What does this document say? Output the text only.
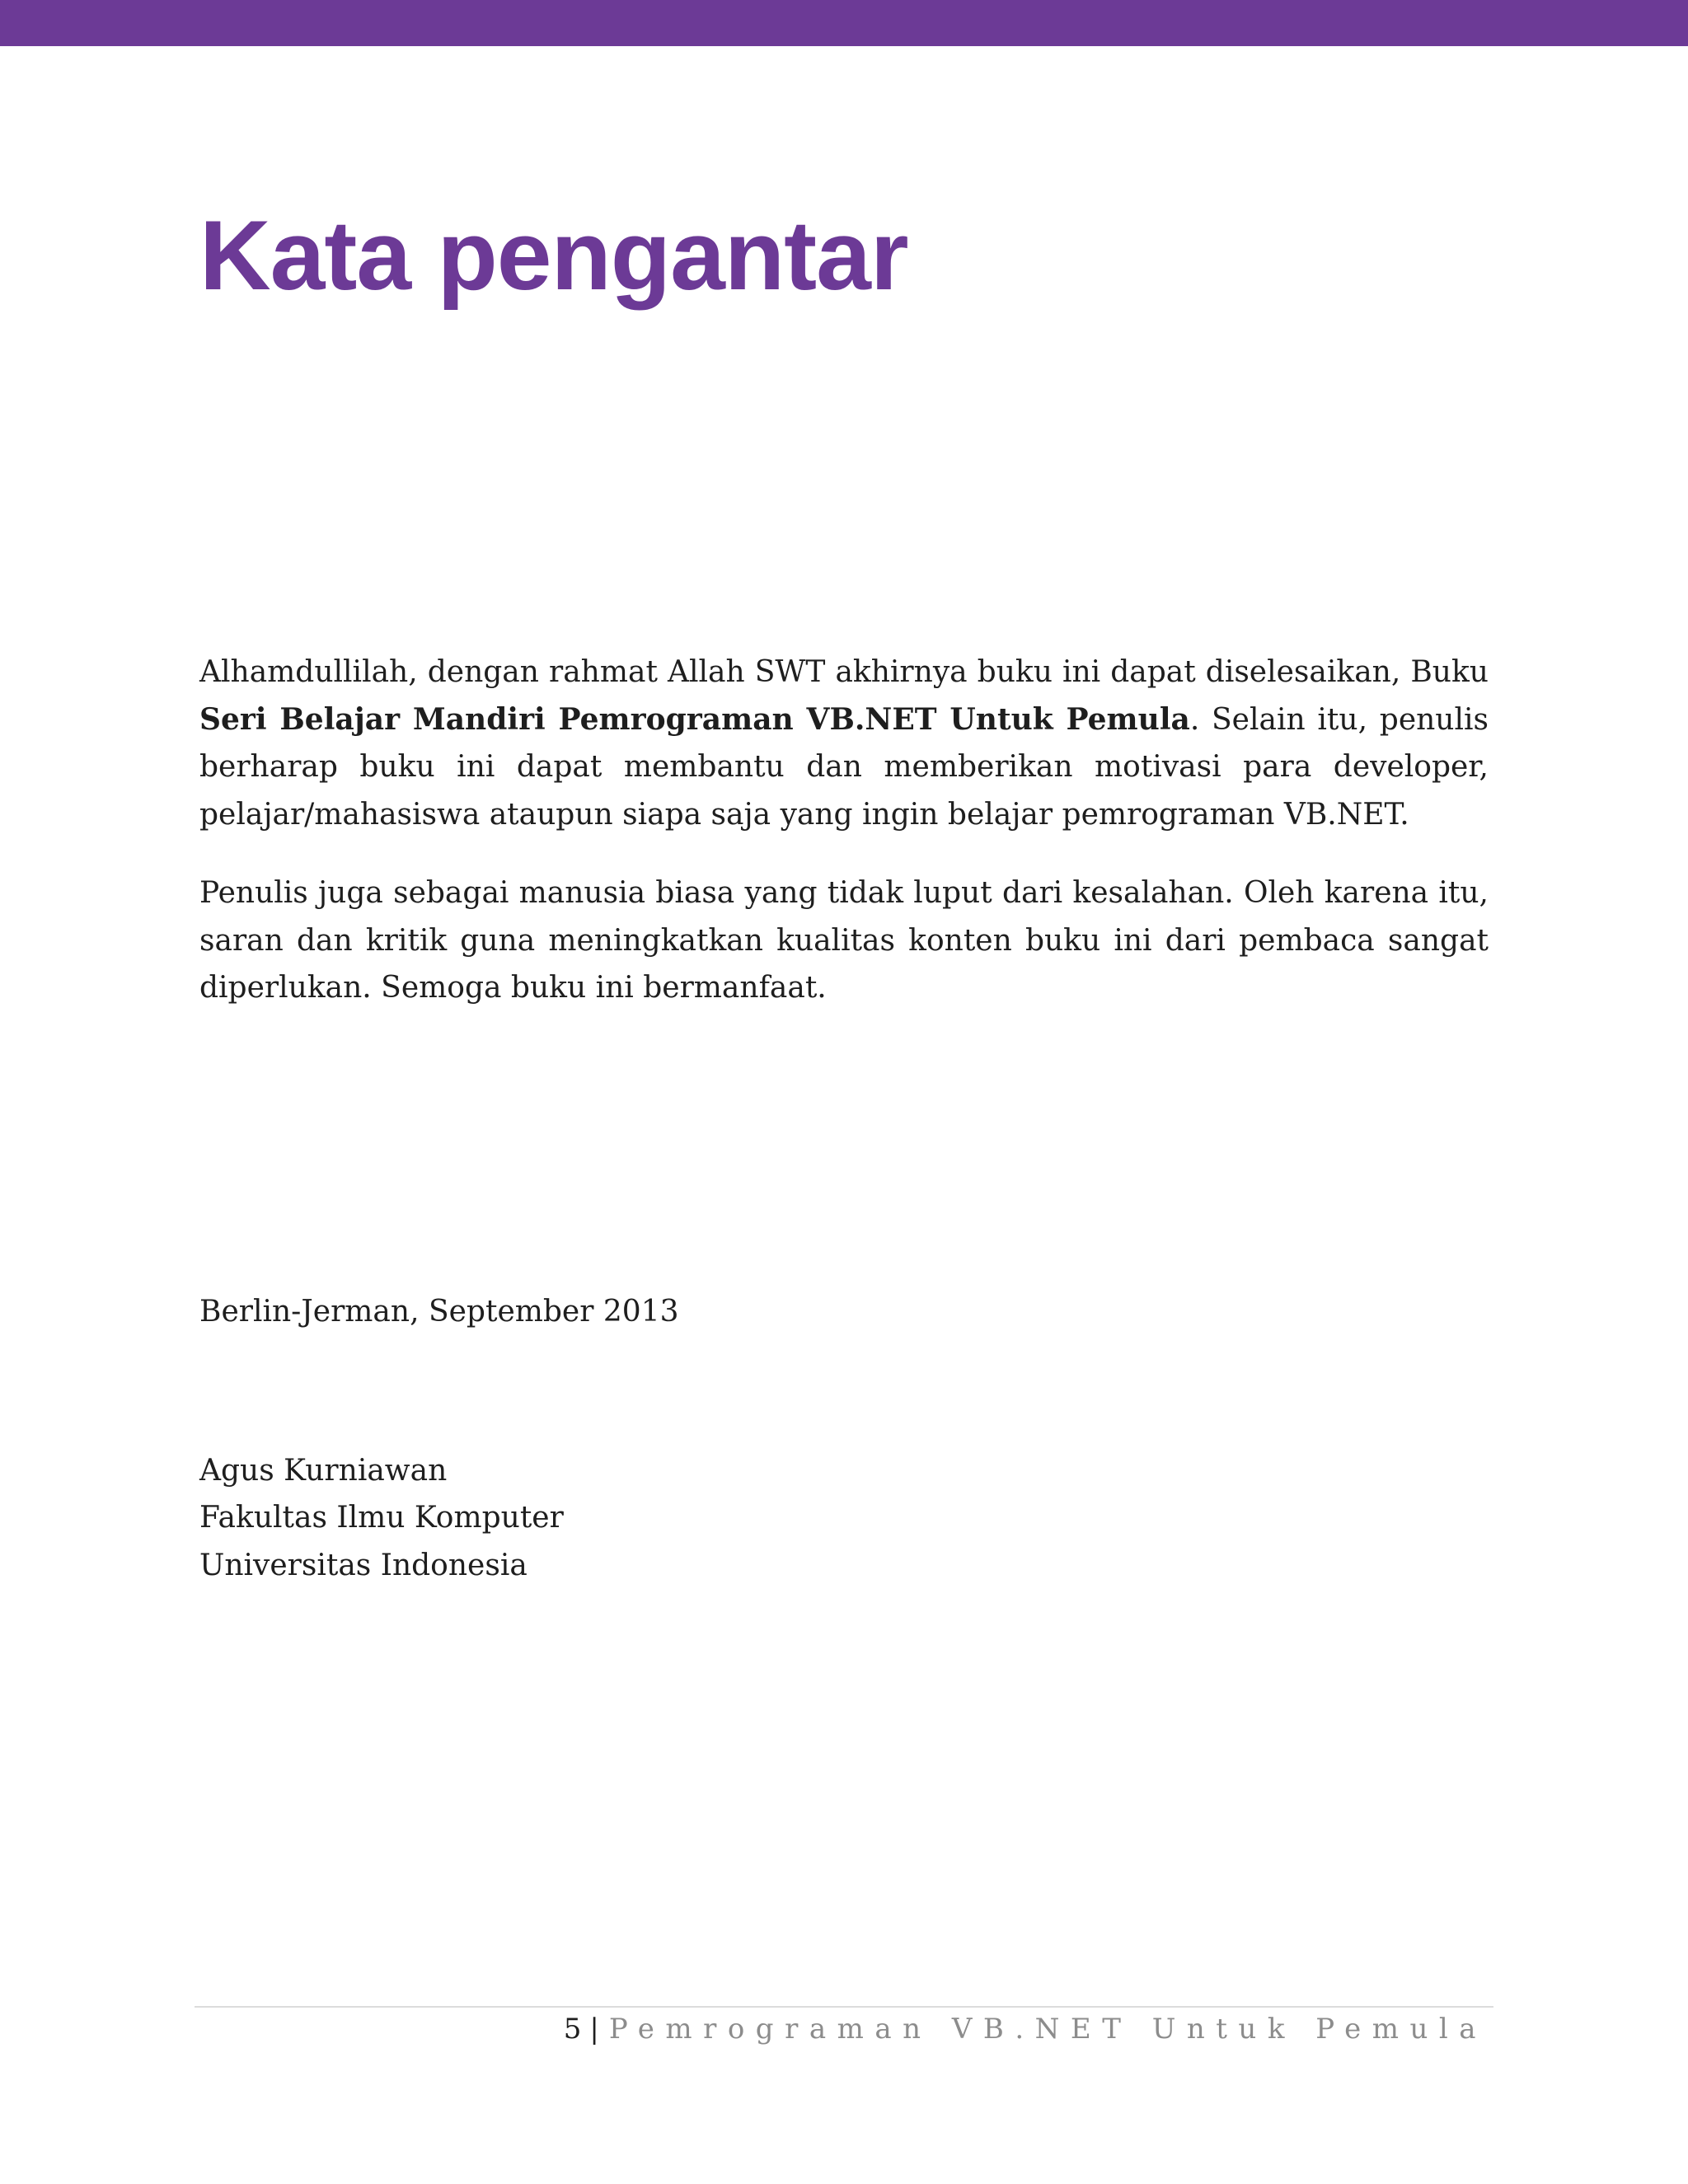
Kata pengantar

Alhamdullilah, dengan rahmat Allah SWT akhirnya buku ini dapat diselesaikan, Buku Seri Belajar Mandiri Pemrograman VB.NET Untuk Pemula. Selain itu, penulis berharap buku ini dapat membantu dan memberikan motivasi para developer, pelajar/mahasiswa ataupun siapa saja yang ingin belajar pemrograman VB.NET.

Penulis juga sebagai manusia biasa yang tidak luput dari kesalahan. Oleh karena itu, saran dan kritik guna meningkatkan kualitas konten buku ini dari pembaca sangat diperlukan. Semoga buku ini bermanfaat.

Berlin-Jerman, September 2013

Agus Kurniawan

Fakultas Ilmu Komputer

Universitas Indonesia

5 | Pemrograman VB.NET Untuk Pemula
